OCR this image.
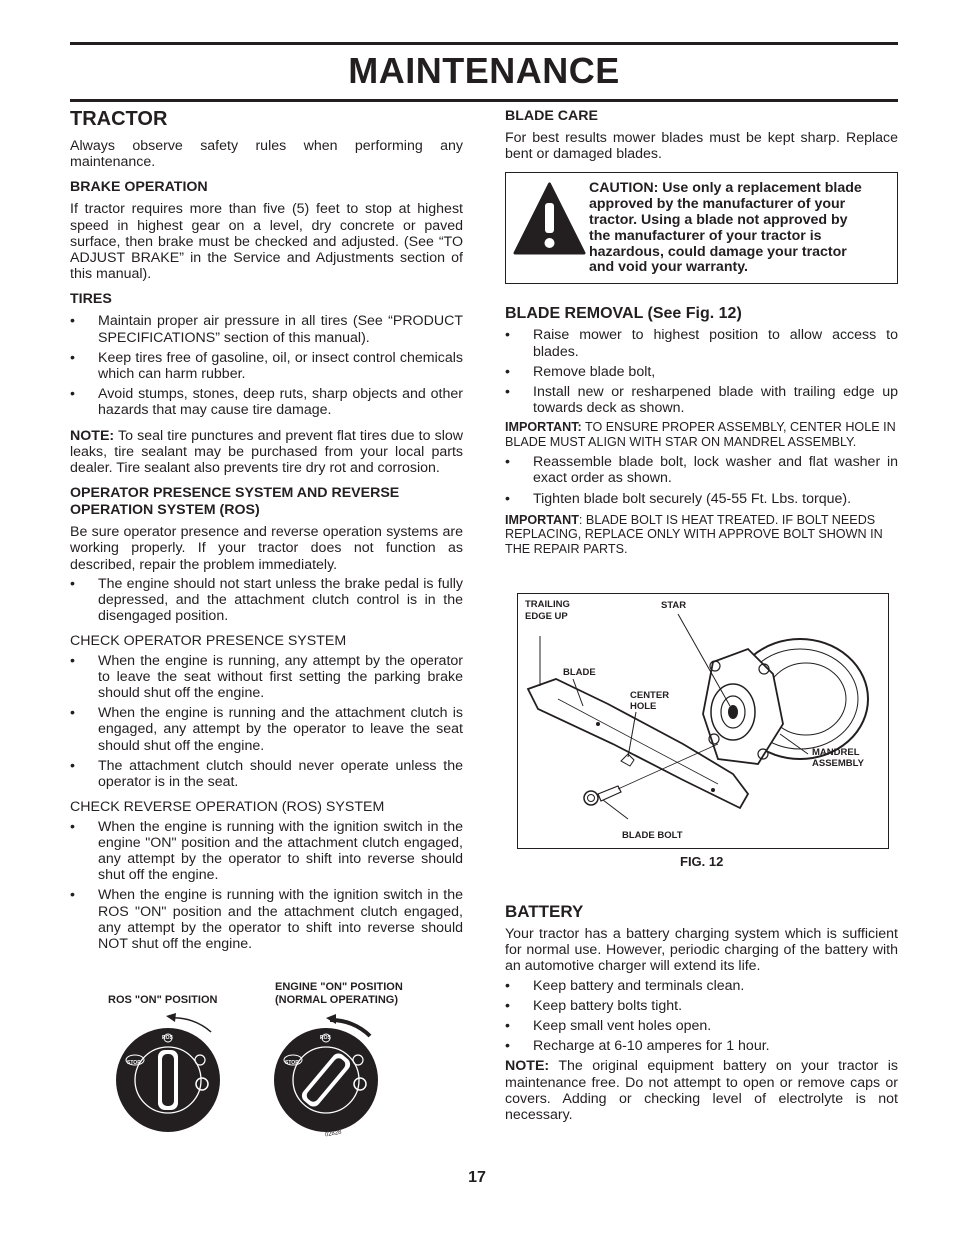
MAINTENANCE
TRACTOR

Always observe safety rules when performing any maintenance.

BRAKE OPERATION

If tractor requires more than five (5) feet to stop at highest speed in highest gear on a level, dry concrete or paved surface, then brake must be checked and adjusted. (See “TO ADJUST BRAKE” in the Service and Adjustments section of this manual).

TIRES
• Maintain proper air pressure in all tires (See “PRODUCT SPECIFICATIONS” section of this manual).
• Keep tires free of gasoline, oil, or insect control chemicals which can harm rubber.
• Avoid stumps, stones, deep ruts, sharp objects and other hazards that may cause tire damage.

NOTE: To seal tire punctures and prevent flat tires due to slow leaks, tire sealant may be purchased from your local parts dealer. Tire sealant also prevents tire dry rot and corrosion.

OPERATOR PRESENCE SYSTEM AND REVERSE OPERATION SYSTEM (ROS)

Be sure operator presence and reverse operation systems are working properly. If your tractor does not function as described, repair the problem immediately.

• The engine should not start unless the brake pedal is fully depressed, and the attachment clutch control is in the disengaged position.

CHECK OPERATOR PRESENCE SYSTEM

• When the engine is running, any attempt by the operator to leave the seat without first setting the parking brake should shut off the engine.
• When the engine is running and the attachment clutch is engaged, any attempt by the operator to leave the seat should shut off the engine.
• The attachment clutch should never operate unless the operator is in the seat.

CHECK REVERSE OPERATION (ROS) SYSTEM

• When the engine is running with the ignition switch in the engine "ON" position and the attachment clutch engaged, any attempt by the operator to shift into reverse should shut off the engine.
• When the engine is running with the ignition switch in the ROS "ON" position and the attachment clutch engaged, any attempt by the operator to shift into reverse should NOT shut off the engine.
ROS "ON" POSITION
ENGINE "ON" POSITION
(NORMAL OPERATING)
STOP
ROS
STOP
ROS
02828
BLADE CARE

For best results mower blades must be kept sharp. Replace bent or damaged blades.

CAUTION: Use only a replacement blade approved by the manufacturer of your tractor. Using a blade not approved by the manufacturer of your tractor is hazardous, could damage your tractor and void your warranty.
BLADE REMOVAL (See Fig. 12)
• Raise mower to highest position to allow access to blades.
• Remove blade bolt,
• Install new or resharpened blade with trailing edge up towards deck as shown.

IMPORTANT: TO ENSURE PROPER ASSEMBLY, CENTER HOLE IN BLADE MUST ALIGN WITH STAR ON MANDREL ASSEMBLY.

• Reassemble blade bolt, lock washer and flat washer in exact order as shown.
• Tighten blade bolt securely (45-55 Ft. Lbs. torque).

IMPORTANT: BLADE BOLT IS HEAT TREATED. IF BOLT NEEDS REPLACING, REPLACE ONLY WITH APPROVE BOLT SHOWN IN THE REPAIR PARTS.

TRAILING
EDGE UP
STAR
BLADE
CENTER
HOLE
MANDREL
ASSEMBLY
BLADE BOLT
FIG. 12
BATTERY

Your tractor has a battery charging system which is sufficient for normal use. However, periodic charging of the battery with an automotive charger will extend its life.

• Keep battery and terminals clean.
• Keep battery bolts tight.
• Keep small vent holes open.
• Recharge at 6-10 amperes for 1 hour.

NOTE: The original equipment battery on your tractor is maintenance free. Do not attempt to open or remove caps or covers. Adding or checking level of electrolyte is not necessary.

17
